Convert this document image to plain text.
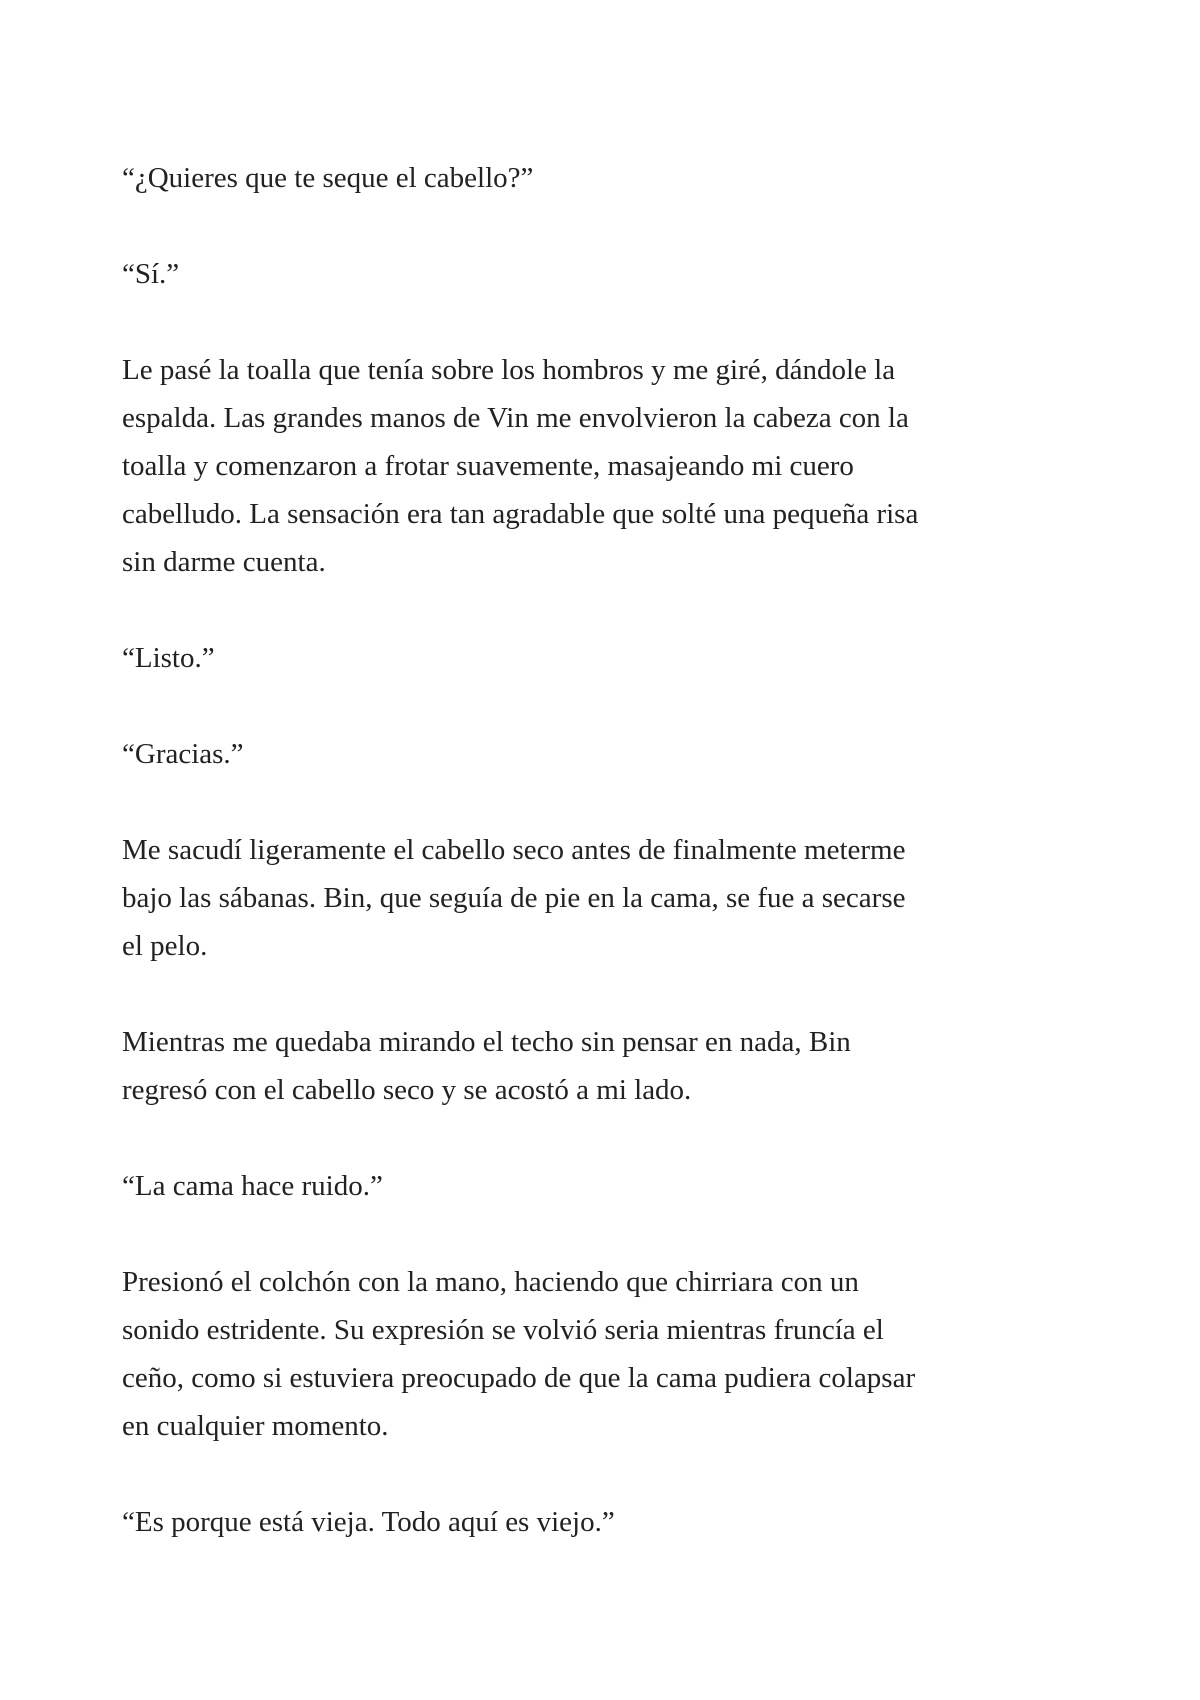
“¿Quieres que te seque el cabello?”

“Sí.”

Le pasé la toalla que tenía sobre los hombros y me giré, dándole la
espalda. Las grandes manos de Vin me envolvieron la cabeza con la
toalla y comenzaron a frotar suavemente, masajeando mi cuero
cabelludo. La sensación era tan agradable que solté una pequeña risa
sin darme cuenta.

“Listo.”

“Gracias.”

Me sacudí ligeramente el cabello seco antes de finalmente meterme
bajo las sábanas. Bin, que seguía de pie en la cama, se fue a secarse
el pelo.

Mientras me quedaba mirando el techo sin pensar en nada, Bin
regresó con el cabello seco y se acostó a mi lado.

“La cama hace ruido.”

Presionó el colchón con la mano, haciendo que chirriara con un
sonido estridente. Su expresión se volvió seria mientras fruncía el
ceño, como si estuviera preocupado de que la cama pudiera colapsar
en cualquier momento.

“Es porque está vieja. Todo aquí es viejo.”
